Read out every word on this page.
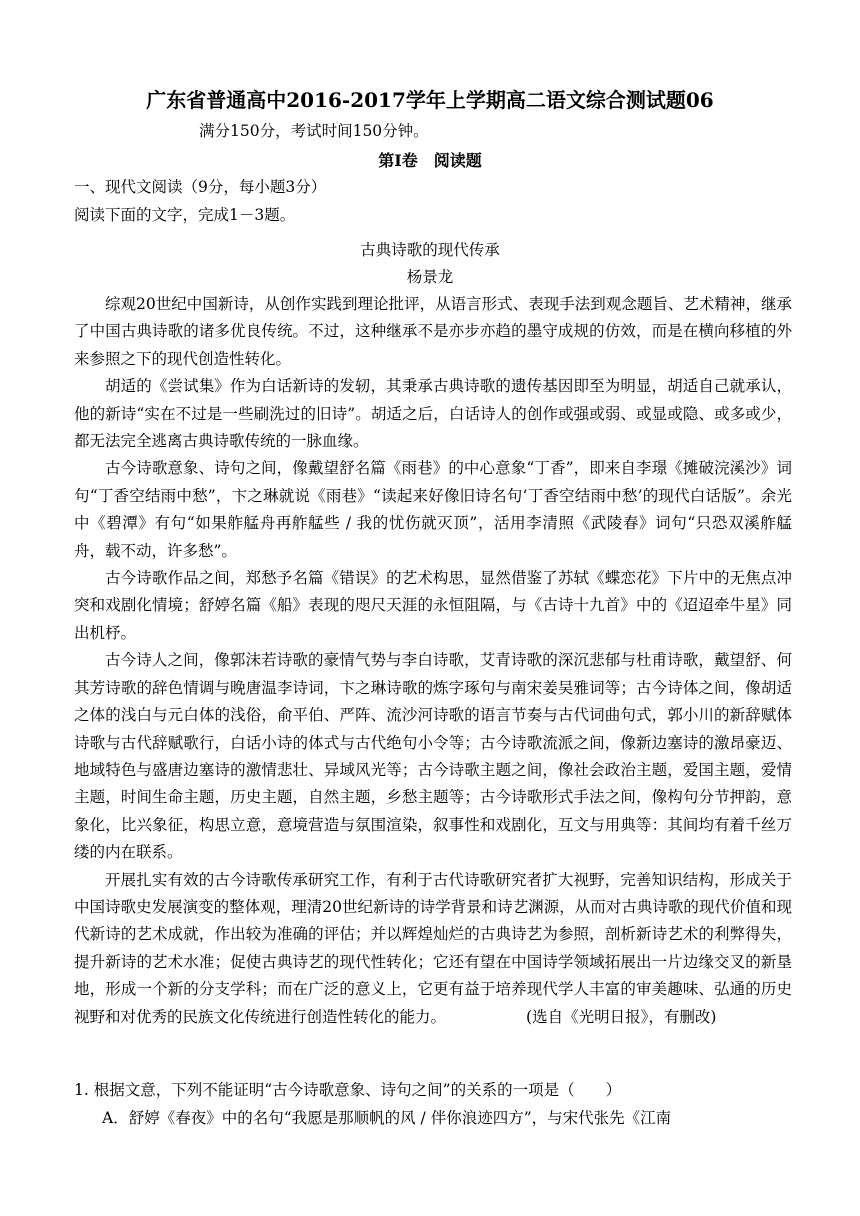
广东省普通高中2016-2017学年上学期高二语文综合测试题06
满分150分，考试时间150分钟。
第Ⅰ卷　阅读题
一、现代文阅读（9分，每小题3分）
阅读下面的文字，完成1－3题。
古典诗歌的现代传承
杨景龙

综观20世纪中国新诗，从创作实践到理论批评，从语言形式、表现手法到观念题旨、艺术精神，继承了中国古典诗歌的诸多优良传统。不过，这种继承不是亦步亦趋的墨守成规的仿效，而是在横向移植的外来参照之下的现代创造性转化。

胡适的《尝试集》作为白话新诗的发轫，其秉承古典诗歌的遗传基因即至为明显，胡适自己就承认，他的新诗“实在不过是一些刷洗过的旧诗”。胡适之后，白话诗人的创作或强或弱、或显或隐、或多或少，都无法完全逃离古典诗歌传统的一脉血缘。

古今诗歌意象、诗句之间，像戴望舒名篇《雨巷》的中心意象“丁香”，即来自李璟《摊破浣溪沙》词句“丁香空结雨中愁”，卞之琳就说《雨巷》“读起来好像旧诗名句‘丁香空结雨中愁’的现代白话版”。余光中《碧潭》有句“如果舴艋舟再舴艋些 / 我的忧伤就灭顶”，活用李清照《武陵春》词句“只恐双溪舴艋舟，载不动，许多愁”。

古今诗歌作品之间，郑愁予名篇《错误》的艺术构思，显然借鉴了苏轼《蝶恋花》下片中的无焦点冲突和戏剧化情境；舒婷名篇《船》表现的咫尺天涯的永恒阻隔，与《古诗十九首》中的《迢迢牵牛星》同出机杼。

古今诗人之间，像郭沫若诗歌的豪情气势与李白诗歌，艾青诗歌的深沉悲郁与杜甫诗歌，戴望舒、何其芳诗歌的辞色情调与晚唐温李诗词，卞之琳诗歌的炼字琢句与南宋姜吴雅词等；古今诗体之间，像胡适之体的浅白与元白体的浅俗，俞平伯、严阵、流沙河诗歌的语言节奏与古代词曲句式，郭小川的新辞赋体诗歌与古代辞赋歌行，白话小诗的体式与古代绝句小令等；古今诗歌流派之间，像新边塞诗的激昂豪迈、地域特色与盛唐边塞诗的激情悲壮、异域风光等；古今诗歌主题之间，像社会政治主题，爱国主题，爱情主题，时间生命主题，历史主题，自然主题，乡愁主题等；古今诗歌形式手法之间，像构句分节押韵，意象化，比兴象征，构思立意，意境营造与氛围渲染，叙事性和戏剧化，互文与用典等：其间均有着千丝万缕的内在联系。

开展扎实有效的古今诗歌传承研究工作，有利于古代诗歌研究者扩大视野，完善知识结构，形成关于中国诗歌史发展演变的整体观，理清20世纪新诗的诗学背景和诗艺渊源，从而对古典诗歌的现代价值和现代新诗的艺术成就，作出较为准确的评估；并以辉煌灿烂的古典诗艺为参照，剖析新诗艺术的利弊得失，提升新诗的艺术水准；促使古典诗艺的现代性转化；它还有望在中国诗学领域拓展出一片边缘交叉的新垦地，形成一个新的分支学科；而在广泛的意义上，它更有益于培养现代学人丰富的审美趣味、弘通的历史视野和对优秀的民族文化传统进行创造性转化的能力。	(选自《光明日报》，有删改)

1. 根据文意，下列不能证明“古今诗歌意象、诗句之间”的关系的一项是（　　）
A．舒婷《春夜》中的名句“我愿是那顺帆的风 / 伴你浪迹四方”，与宋代张先《江南
